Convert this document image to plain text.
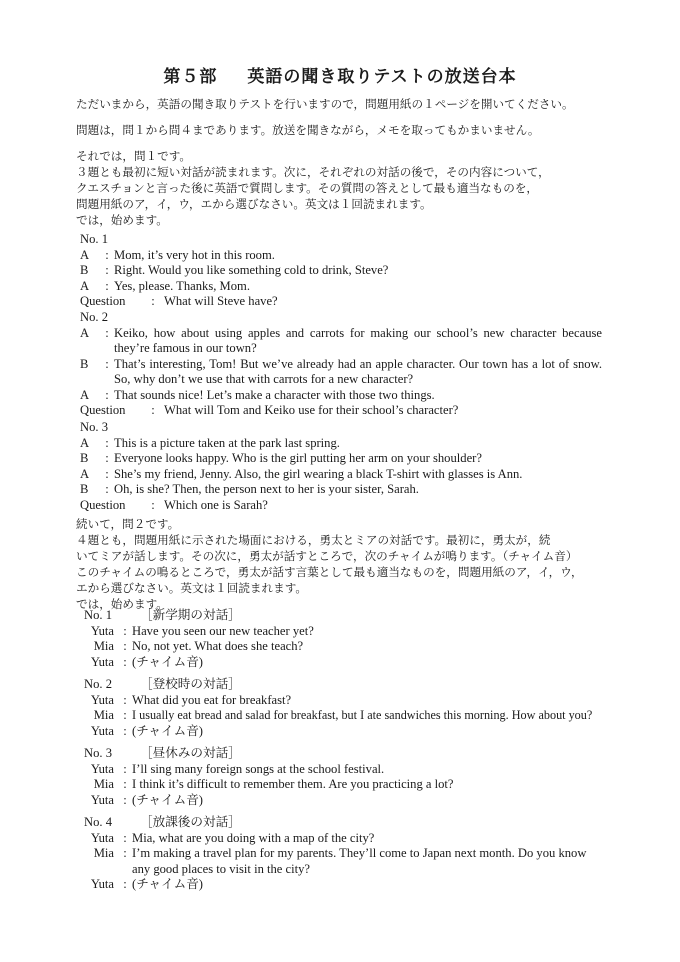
第５部 英語の聞き取りテストの放送台本
ただいまから，英語の聞き取りテストを行いますので，問題用紙の１ページを開いてください。
問題は，問１から問４まであります。放送を聞きながら，メモを取ってもかまいません。
それでは，問１です。
３題とも最初に短い対話が読まれます。次に，それぞれの対話の後で，その内容について，
クエスチョンと言った後に英語で質問します。その質問の答えとして最も適当なものを，
問題用紙のア，イ，ウ，エから選びなさい。英文は１回読まれます。
では，始めます。
No. 1
A	: Mom, it’s very hot in this room.
B	: Right. Would you like something cold to drink, Steve?
A	: Yes, please. Thanks, Mom.
Question	: What will Steve have?
No. 2
A	: Keiko, how about using apples and carrots for making our school’s new character because they’re famous in our town?
B	: That’s interesting, Tom! But we’ve already had an apple character. Our town has a lot of snow. So, why don’t we use that with carrots for a new character?
A	: That sounds nice! Let’s make a character with those two things.
Question	: What will Tom and Keiko use for their school’s character?
No. 3
A	: This is a picture taken at the park last spring.
B	: Everyone looks happy. Who is the girl putting her arm on your shoulder?
A	: She’s my friend, Jenny. Also, the girl wearing a black T-shirt with glasses is Ann.
B	: Oh, is she? Then, the person next to her is your sister, Sarah.
Question	: Which one is Sarah?
続いて，問２です。
４題とも，問題用紙に示された場面における，勇太とミアの対話です。最初に，勇太が，続
いてミアが話します。その次に，勇太が話すところで，次のチャイムが鳴ります。（チャイム音）
このチャイムの鳴るところで，勇太が話す言葉として最も適当なものを，問題用紙のア，イ，ウ，
エから選びなさい。英文は１回読まれます。
では，始めます。
No. 1 ［新学期の対話］
Yuta : Have you seen our new teacher yet?
Mia : No, not yet. What does she teach?
Yuta : (チャイム音)
No. 2 ［登校時の対話］
Yuta : What did you eat for breakfast?
Mia : I usually eat bread and salad for breakfast, but I ate sandwiches this morning. How about you?
Yuta : (チャイム音)
No. 3 ［昼休みの対話］
Yuta : I’ll sing many foreign songs at the school festival.
Mia : I think it’s difficult to remember them. Are you practicing a lot?
Yuta : (チャイム音)
No. 4 ［放課後の対話］
Yuta : Mia, what are you doing with a map of the city?
Mia : I’m making a travel plan for my parents. They’ll come to Japan next month. Do you know any good places to visit in the city?
Yuta : (チャイム音)
